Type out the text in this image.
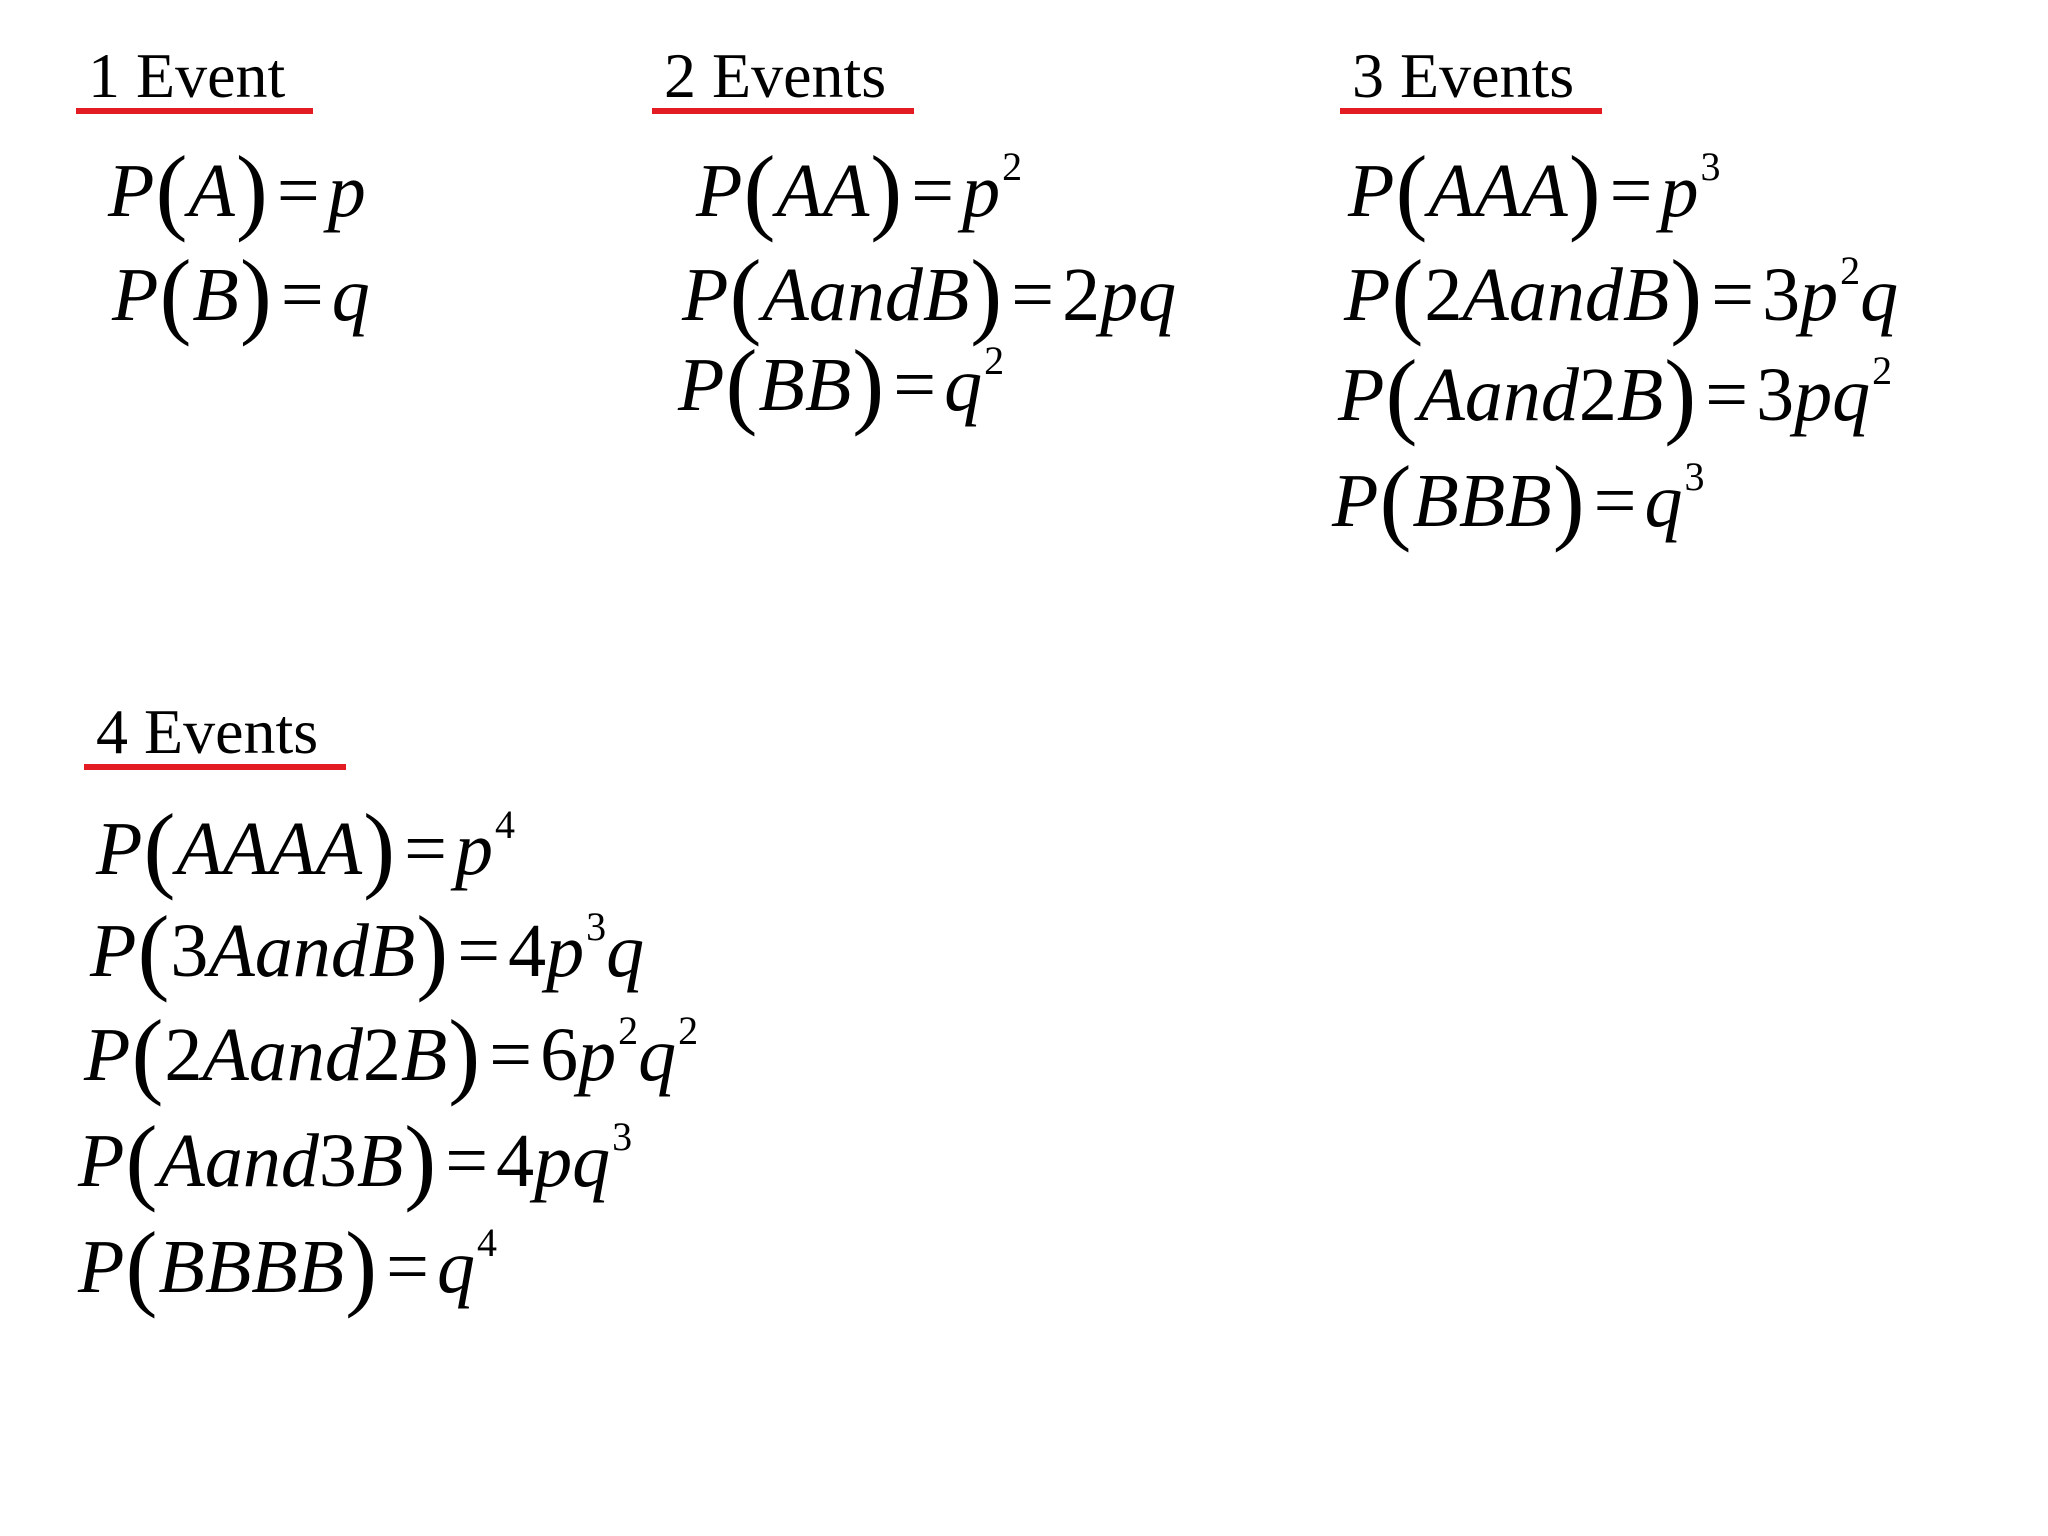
1 Event
P(A) = p
P(B) = q
2 Events
$P(AA) = p^2$
P(AandB) = 2pq
$P(BB) = q^2$
3 Events
$P(AAA) = p^3$
P(2AandB) = $3p^2q$
P(Aand2B) = $3pq^2$
$P(BBB) = q^3$
4 Events
P(AAAA) = $p^4$
P(3AandB) = $4p^3q$
P(2Aand2B) = $6p^2q^2$
P(Aand3B) = $4pq^3$
P(BBBB) = $q^4$
